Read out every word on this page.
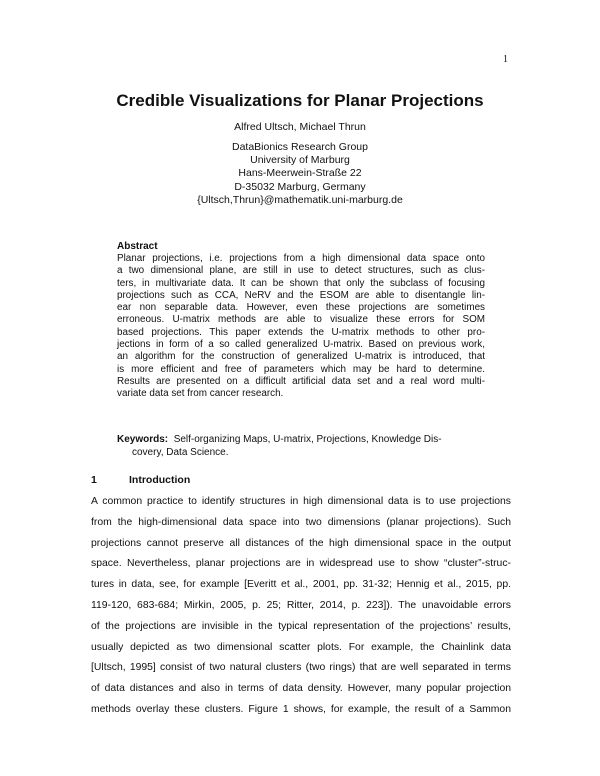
1
Credible Visualizations for Planar Projections
Alfred Ultsch, Michael Thrun
DataBionics Research Group
University of Marburg
Hans-Meerwein-Straße 22
D-35032 Marburg, Germany
{Ultsch,Thrun}@mathematik.uni-marburg.de
Abstract
Planar projections, i.e. projections from a high dimensional data space onto
a two dimensional plane, are still in use to detect structures, such as clus-
ters, in multivariate data. It can be shown that only the subclass of focusing
projections such as CCA, NeRV and the ESOM are able to disentangle lin-
ear non separable data. However, even these projections are sometimes
erroneous. U-matrix methods are able to visualize these errors for SOM
based projections. This paper extends the U-matrix methods to other pro-
jections in form of a so called generalized U-matrix. Based on previous work,
an algorithm for the construction of generalized U-matrix is introduced, that
is more efficient and free of parameters which may be hard to determine.
Results are presented on a difficult artificial data set and a real word multi-
variate data set from cancer research.
Keywords: Self-organizing Maps, U-matrix, Projections, Knowledge Dis-
covery, Data Science.
1	Introduction
A common practice to identify structures in high dimensional data is to use projections
from the high-dimensional data space into two dimensions (planar projections). Such
projections cannot preserve all distances of the high dimensional space in the output
space. Nevertheless, planar projections are in widespread use to show “cluster”-struc-
tures in data, see, for example [Everitt et al., 2001, pp. 31-32; Hennig et al., 2015, pp.
119-120, 683-684; Mirkin, 2005, p. 25; Ritter, 2014, p. 223]). The unavoidable errors
of the projections are invisible in the typical representation of the projections’ results,
usually depicted as two dimensional scatter plots. For example, the Chainlink data
[Ultsch, 1995] consist of two natural clusters (two rings) that are well separated in terms
of data distances and also in terms of data density. However, many popular projection
methods overlay these clusters. Figure 1 shows, for example, the result of a Sammon
